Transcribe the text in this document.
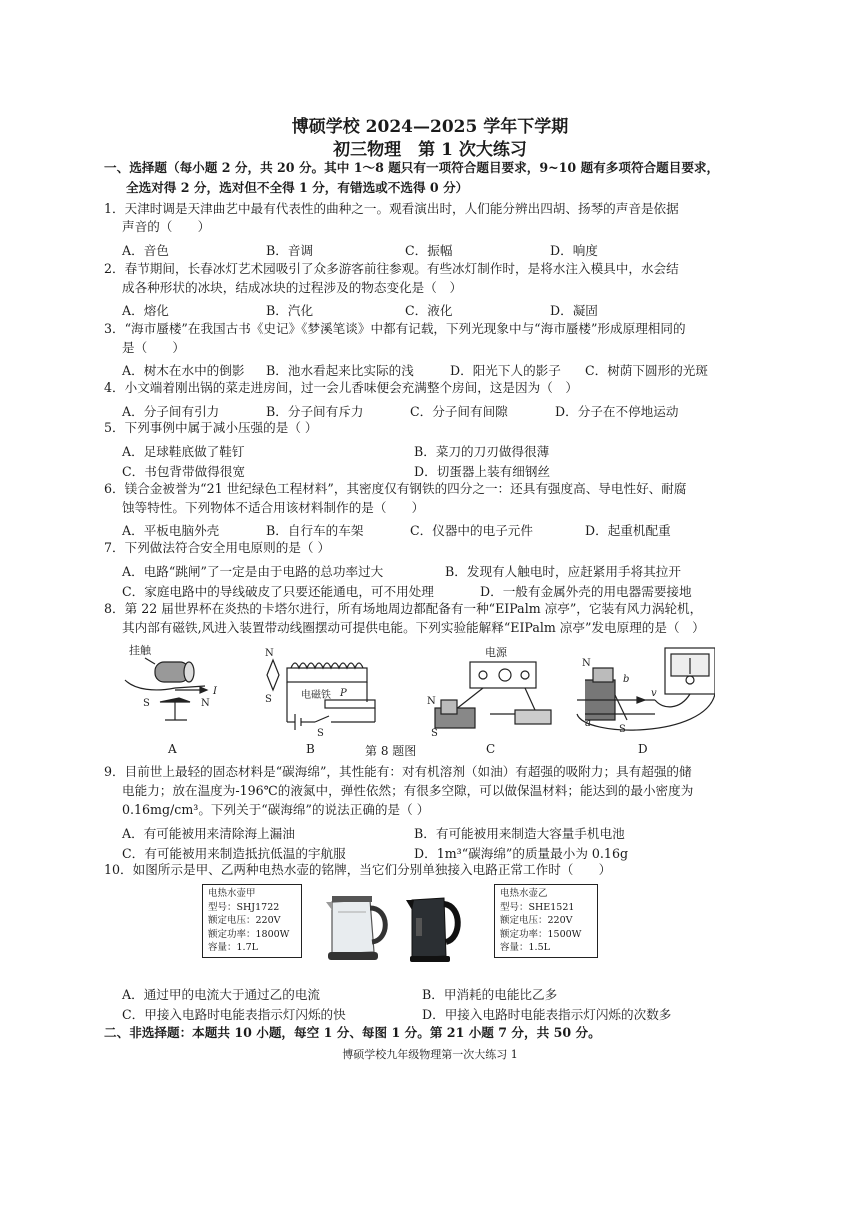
博硕学校 2024—2025 学年下学期
初三物理　第 1 次大练习
一、选择题（每小题 2 分，共 20 分。其中 1～8 题只有一项符合题目要求，9~10 题有多项符合题目要求，
全选对得 2 分，选对但不全得 1 分，有错选或不选得 0 分）
1．天津时调是天津曲艺中最有代表性的曲种之一。观看演出时，人们能分辨出四胡、扬琴的声音是依据
声音的（　　）
A．音色	B．音调	C．振幅	D．响度
2．春节期间，长春冰灯艺术园吸引了众多游客前往参观。有些冰灯制作时，是将水注入模具中，水会结
成各种形状的冰块，结成冰块的过程涉及的物态变化是（　）
A．熔化	B．汽化	C．液化	D．凝固
3．“海市蜃楼”在我国古书《史记》《梦溪笔谈》中都有记载，下列光现象中与“海市蜃楼”形成原理相同的
是（　　）
A．树木在水中的倒影 B．池水看起来比实际的浅	D．阳光下人的影子 C．树荫下圆形的光斑
4．小文端着刚出锅的菜走进房间，过一会儿香味便会充满整个房间，这是因为（　）
A．分子间有引力	B．分子间有斥力	C．分子间有间隙	D．分子在不停地运动
5．下列事例中属于减小压强的是（ ）
A．足球鞋底做了鞋钉	B．菜刀的刀刃做得很薄
C．书包背带做得很宽	D．切蛋器上装有细钢丝
6．镁合金被誉为“21 世纪绿色工程材料”，其密度仅有钢铁的四分之一：还具有强度高、导电性好、耐腐
蚀等特性。下列物体不适合用该材料制作的是（　　）
A．平板电脑外壳	B．自行车的车架	C．仪器中的电子元件	D．起重机配重
7．下列做法符合安全用电原则的是（ ）
A．电路“跳闸”了一定是由于电路的总功率过大	B．发现有人触电时，应赶紧用手将其拉开
C．家庭电路中的导线破皮了只要还能通电，可不用处理	D．一般有金属外壳的用电器需要接地
8．第 22 届世界杯在炎热的卡塔尔进行，所有场地周边都配备有一种“EIPalm 凉亭”，它装有风力涡轮机，
其内部有磁铁,风进入装置带动线圈摆动可提供电能。下列实验能解释“EIPalm 凉亭”发电原理的是（　）
挂触
S	N
I
N
S	电磁铁 P
S
电源
N
S
N
b
a
S
v
A	B	第 8 题图	C	D
9．目前世上最轻的固态材料是“碳海绵”，其性能有：对有机溶剂（如油）有超强的吸附力；具有超强的储
电能力；放在温度为-196℃的液氮中，弹性依然；有很多空隙，可以做保温材料；能达到的最小密度为
0.16mg/cm³。下列关于“碳海绵”的说法正确的是（ ）
A．有可能被用来清除海上漏油	B．有可能被用来制造大容量手机电池
C．有可能被用来制造抵抗低温的宇航服	D．1m³“碳海绵”的质量最小为 0.16g
10．如图所示是甲、乙两种电热水壶的铭牌，当它们分别单独接入电路正常工作时（　　）
电热水壶甲
型号：SHJ1722
额定电压：220V
额定功率：1800W
容量：1.7L
电热水壶乙
型号：SHE1521
额定电压：220V
额定功率：1500W
容量：1.5L
A．通过甲的电流大于通过乙的电流	B．甲消耗的电能比乙多
C．甲接入电路时电能表指示灯闪烁的快	D．甲接入电路时电能表指示灯闪烁的次数多
二、非选择题：本题共 10 小题，每空 1 分、每图 1 分。第 21 小题 7 分，共 50 分。
博硕学校九年级物理第一次大练习 1
